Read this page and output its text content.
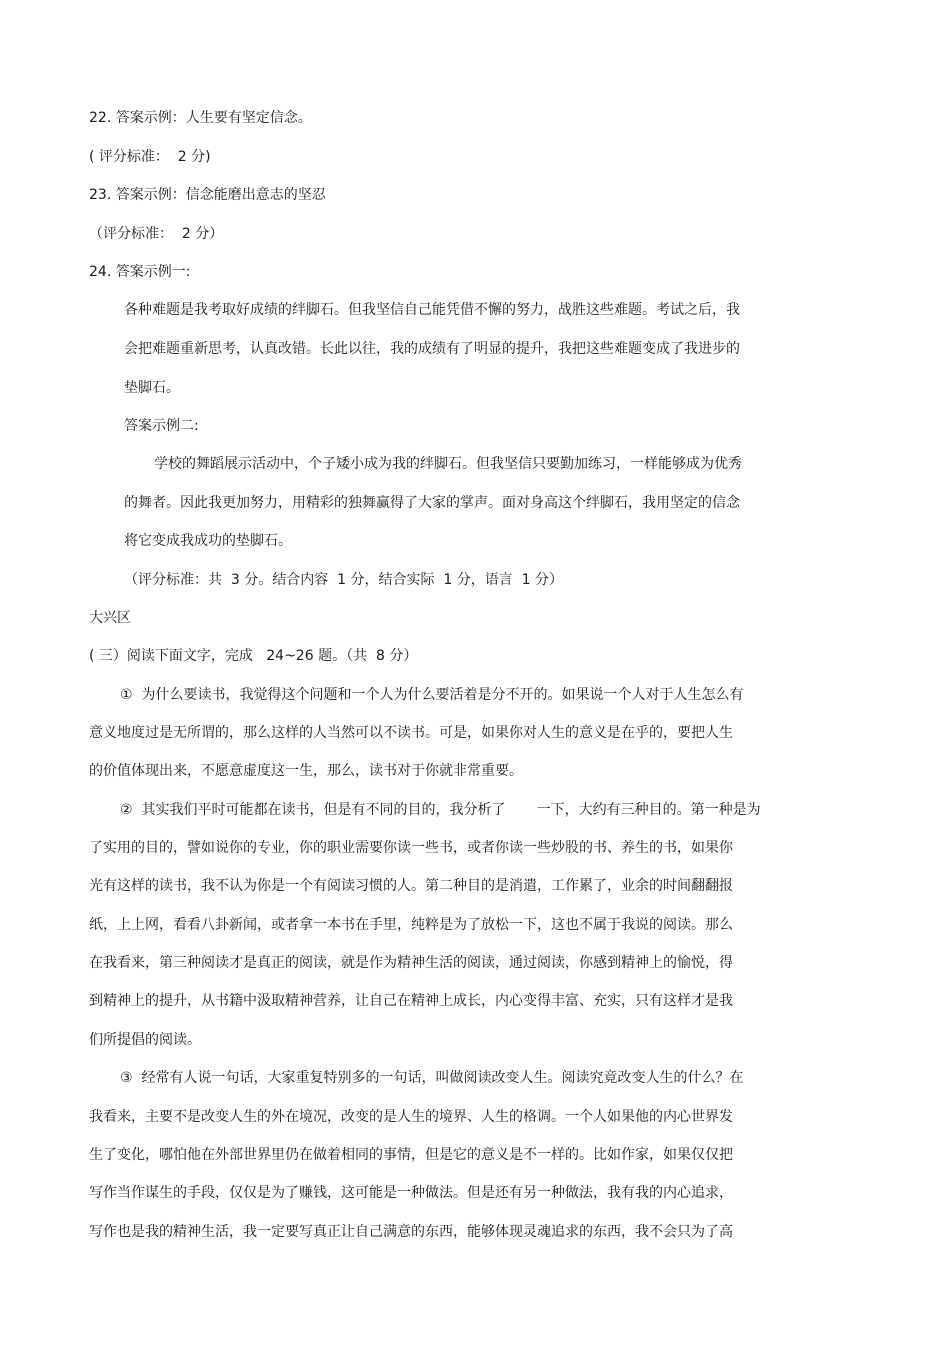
22. 答案示例：人生要有坚定信念。
( 评分标准：  2 分)
23. 答案示例：信念能磨出意志的坚忍
（评分标准：  2 分）
24. 答案示例一:
各种难题是我考取好成绩的绊脚石。但我坚信自己能凭借不懈的努力，战胜这些难题。考试之后，我
会把难题重新思考，认真改错。长此以往，我的成绩有了明显的提升，我把这些难题变成了我进步的
垫脚石。
答案示例二:
学校的舞蹈展示活动中，个子矮小成为我的绊脚石。但我坚信只要勤加练习，一样能够成为优秀
的舞者。因此我更加努力，用精彩的独舞赢得了大家的掌声。面对身高这个绊脚石，我用坚定的信念
将它变成我成功的垫脚石。
（评分标准：共  3 分。结合内容  1 分，结合实际  1 分，语言  1 分）
大兴区
( 三）阅读下面文字，完成   24~26 题。（共  8 分）
①  为什么要读书，我觉得这个问题和一个人为什么要活着是分不开的。如果说一个人对于人生怎么有
意义地度过是无所谓的，那么这样的人当然可以不读书。可是，如果你对人生的意义是在乎的，要把人生
的价值体现出来，不愿意虚度这一生，那么，读书对于你就非常重要。
②  其实我们平时可能都在读书，但是有不同的目的，我分析了       一下，大约有三种目的。第一种是为
了实用的目的，譬如说你的专业，你的职业需要你读一些书，或者你读一些炒股的书、养生的书，如果你
光有这样的读书，我不认为你是一个有阅读习惯的人。第二种目的是消遣，工作累了，业余的时间翻翻报
纸，上上网，看看八卦新闻，或者拿一本书在手里，纯粹是为了放松一下，这也不属于我说的阅读。那么
在我看来，第三种阅读才是真正的阅读，就是作为精神生活的阅读，通过阅读，你感到精神上的愉悦，得
到精神上的提升，从书籍中汲取精神营养，让自己在精神上成长，内心变得丰富、充实，只有这样才是我
们所提倡的阅读。
③  经常有人说一句话，大家重复特别多的一句话，叫做阅读改变人生。阅读究竟改变人生的什么？在
我看来，主要不是改变人生的外在境况，改变的是人生的境界、人生的格调。一个人如果他的内心世界发
生了变化，哪怕他在外部世界里仍在做着相同的事情，但是它的意义是不一样的。比如作家，如果仅仅把
写作当作谋生的手段，仅仅是为了赚钱，这可能是一种做法。但是还有另一种做法，我有我的内心追求，
写作也是我的精神生活，我一定要写真正让自己满意的东西，能够体现灵魂追求的东西，我不会只为了高
